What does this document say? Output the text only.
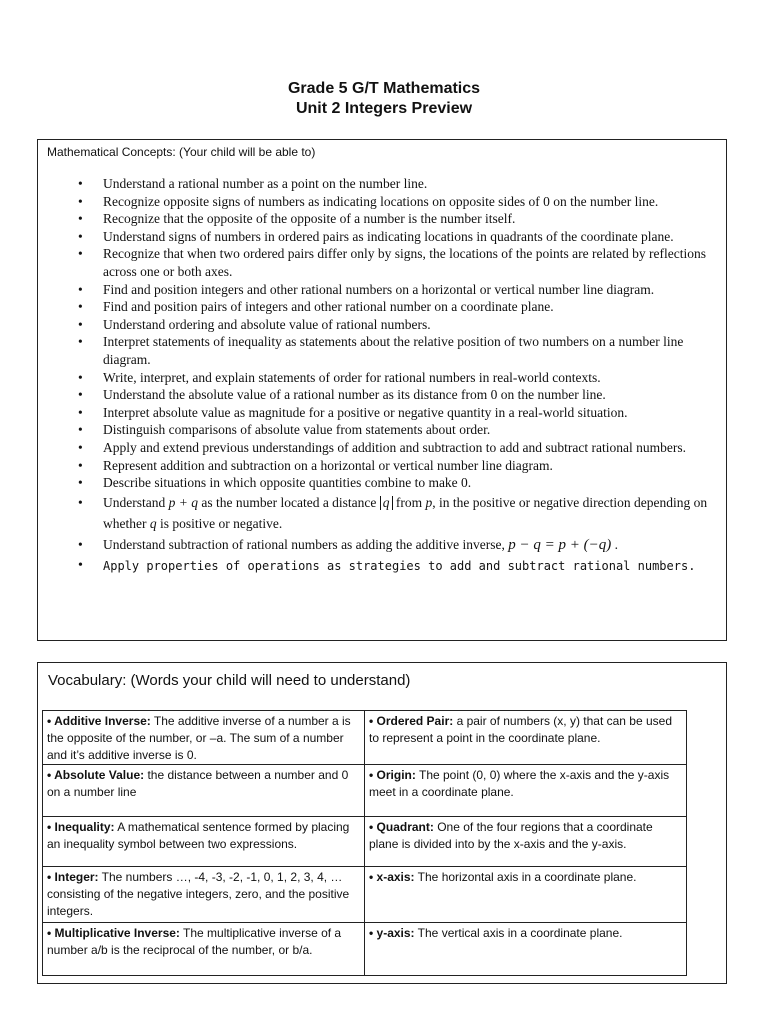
Grade 5 G/T Mathematics
Unit 2 Integers Preview
Mathematical Concepts: (Your child will be able to)
• Understand a rational number as a point on the number line.
• Recognize opposite signs of numbers as indicating locations on opposite sides of 0 on the number line.
• Recognize that the opposite of the opposite of a number is the number itself.
• Understand signs of numbers in ordered pairs as indicating locations in quadrants of the coordinate plane.
• Recognize that when two ordered pairs differ only by signs, the locations of the points are related by reflections across one or both axes.
• Find and position integers and other rational numbers on a horizontal or vertical number line diagram.
• Find and position pairs of integers and other rational number on a coordinate plane.
• Understand ordering and absolute value of rational numbers.
• Interpret statements of inequality as statements about the relative position of two numbers on a number line diagram.
• Write, interpret, and explain statements of order for rational numbers in real-world contexts.
• Understand the absolute value of a rational number as its distance from 0 on the number line.
• Interpret absolute value as magnitude for a positive or negative quantity in a real-world situation.
• Distinguish comparisons of absolute value from statements about order.
• Apply and extend previous understandings of addition and subtraction to add and subtract rational numbers.
• Represent addition and subtraction on a horizontal or vertical number line diagram.
• Describe situations in which opposite quantities combine to make 0.
• Understand p + q as the number located a distance q from p, in the positive or negative direction depending on whether q is positive or negative.
• Understand subtraction of rational numbers as adding the additive inverse, p − q = p + (−q) .
• Apply properties of operations as strategies to add and subtract rational numbers.
Vocabulary: (Words your child will need to understand)
• Additive Inverse: The additive inverse of a number a is the opposite of the number, or –a. The sum of a number and it’s additive inverse is 0.	• Ordered Pair: a pair of numbers (x, y) that can be used to represent a point in the coordinate plane.
• Absolute Value: the distance between a number and 0 on a number line	• Origin: The point (0, 0) where the x-axis and the y-axis meet in a coordinate plane.
• Inequality: A mathematical sentence formed by placing an inequality symbol between two expressions.	• Quadrant: One of the four regions that a coordinate plane is divided into by the x-axis and the y-axis.
• Integer: The numbers …, -4, -3, -2, -1, 0, 1, 2, 3, 4, … consisting of the negative integers, zero, and the positive integers.	• x-axis: The horizontal axis in a coordinate plane.
• Multiplicative Inverse: The multiplicative inverse of a number a/b is the reciprocal of the number, or b/a.	• y-axis: The vertical axis in a coordinate plane.
